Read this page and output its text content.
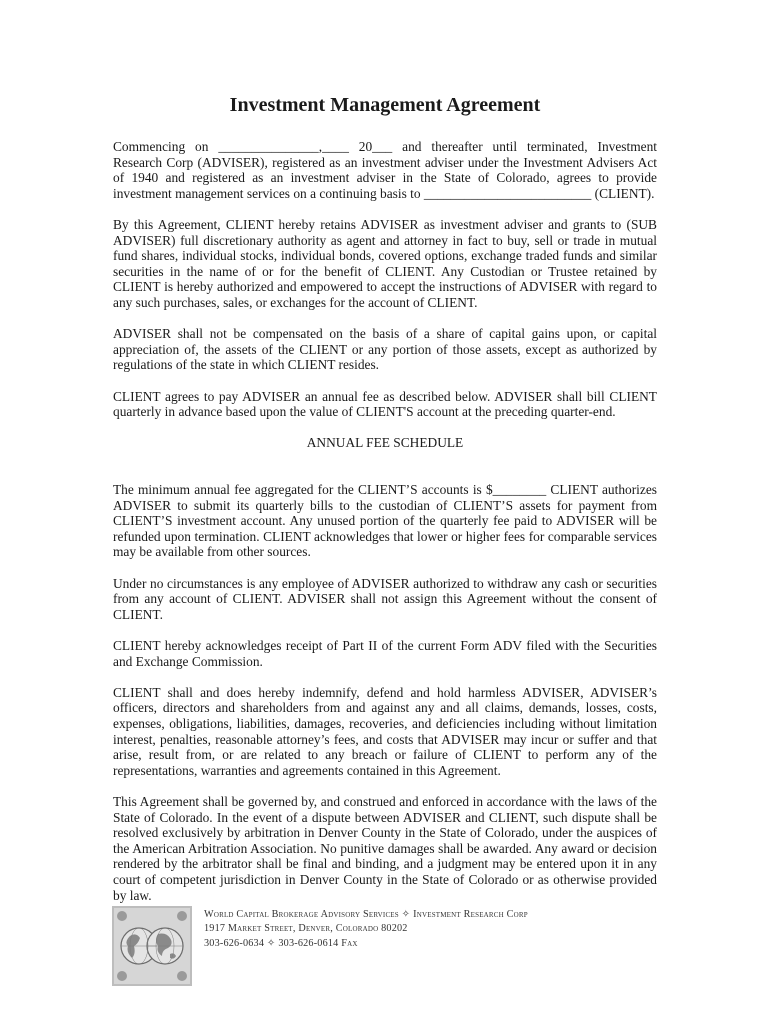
Investment Management Agreement

Commencing on _______________,____ 20___ and thereafter until terminated, Investment Research Corp (ADVISER), registered as an investment adviser under the Investment Advisers Act of 1940 and registered as an investment adviser in the State of Colorado, agrees to provide investment management services on a continuing basis to _________________________ (CLIENT).

By this Agreement, CLIENT hereby retains ADVISER as investment adviser and grants to (SUB ADVISER) full discretionary authority as agent and attorney in fact to buy, sell or trade in mutual fund shares, individual stocks, individual bonds, covered options, exchange traded funds and similar securities in the name of or for the benefit of CLIENT. Any Custodian or Trustee retained by CLIENT is hereby authorized and empowered to accept the instructions of ADVISER with regard to any such purchases, sales, or exchanges for the account of CLIENT.

ADVISER shall not be compensated on the basis of a share of capital gains upon, or capital appreciation of, the assets of the CLIENT or any portion of those assets, except as authorized by regulations of the state in which CLIENT resides.

CLIENT agrees to pay ADVISER an annual fee as described below. ADVISER shall bill CLIENT quarterly in advance based upon the value of CLIENT'S account at the preceding quarter-end.

ANNUAL FEE SCHEDULE

The minimum annual fee aggregated for the CLIENT’S accounts is $________ CLIENT authorizes ADVISER to submit its quarterly bills to the custodian of CLIENT’S assets for payment from CLIENT’S investment account. Any unused portion of the quarterly fee paid to ADVISER will be refunded upon termination. CLIENT acknowledges that lower or higher fees for comparable services may be available from other sources.

Under no circumstances is any employee of ADVISER authorized to withdraw any cash or securities from any account of CLIENT. ADVISER shall not assign this Agreement without the consent of CLIENT.

CLIENT hereby acknowledges receipt of Part II of the current Form ADV filed with the Securities and Exchange Commission.

CLIENT shall and does hereby indemnify, defend and hold harmless ADVISER, ADVISER’s officers, directors and shareholders from and against any and all claims, demands, losses, costs, expenses, obligations, liabilities, damages, recoveries, and deficiencies including without limitation interest, penalties, reasonable attorney’s fees, and costs that ADVISER may incur or suffer and that arise, result from, or are related to any breach or failure of CLIENT to perform any of the representations, warranties and agreements contained in this Agreement.

This Agreement shall be governed by, and construed and enforced in accordance with the laws of the State of Colorado. In the event of a dispute between ADVISER and CLIENT, such dispute shall be resolved exclusively by arbitration in Denver County in the State of Colorado, under the auspices of the American Arbitration Association. No punitive damages shall be awarded. Any award or decision rendered by the arbitrator shall be final and binding, and a judgment may be entered upon it in any court of competent jurisdiction in Denver County in the State of Colorado or as otherwise provided by law.

World Capital Brokerage Advisory Services ✧ Investment Research Corp
1917 Market Street, Denver, Colorado 80202
303-626-0634 ✧ 303-626-0614 Fax
